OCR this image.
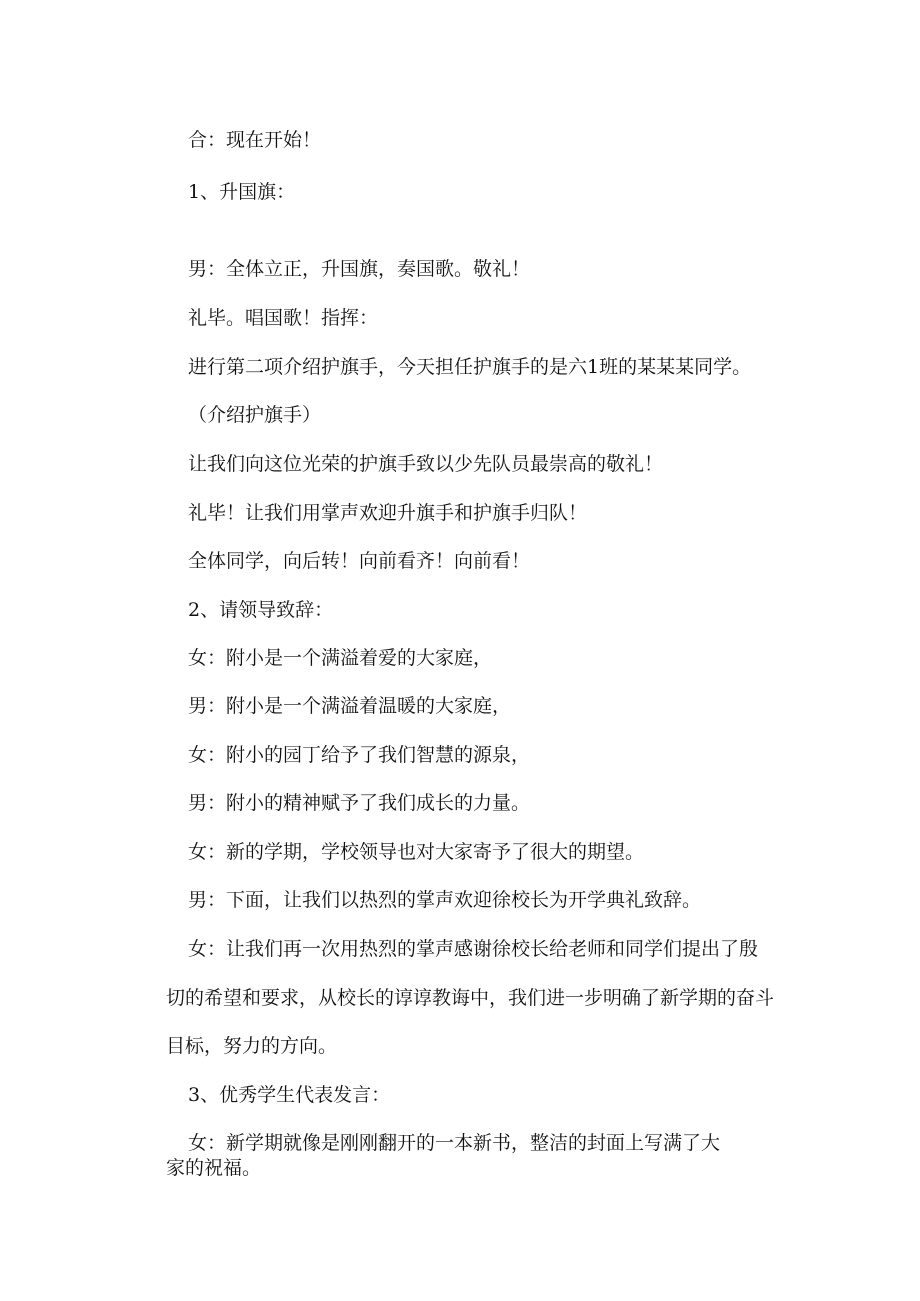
合：现在开始！
1、升国旗：
男：全体立正，升国旗，奏国歌。敬礼！
礼毕。唱国歌！指挥：
进行第二项介绍护旗手，今天担任护旗手的是六1班的某某某同学。
（介绍护旗手）
让我们向这位光荣的护旗手致以少先队员最崇高的敬礼！
礼毕！让我们用掌声欢迎升旗手和护旗手归队！
全体同学，向后转！向前看齐！向前看！
2、请领导致辞：
女：附小是一个满溢着爱的大家庭，
男：附小是一个满溢着温暖的大家庭，
女：附小的园丁给予了我们智慧的源泉，
男：附小的精神赋予了我们成长的力量。
女：新的学期，学校领导也对大家寄予了很大的期望。
男：下面，让我们以热烈的掌声欢迎徐校长为开学典礼致辞。
女：让我们再一次用热烈的掌声感谢徐校长给老师和同学们提出了殷
切的希望和要求，从校长的谆谆教诲中，我们进一步明确了新学期的奋斗
目标，努力的方向。
3、优秀学生代表发言：
女：新学期就像是刚刚翻开的一本新书，整洁的封面上写满了大
家的祝福。
